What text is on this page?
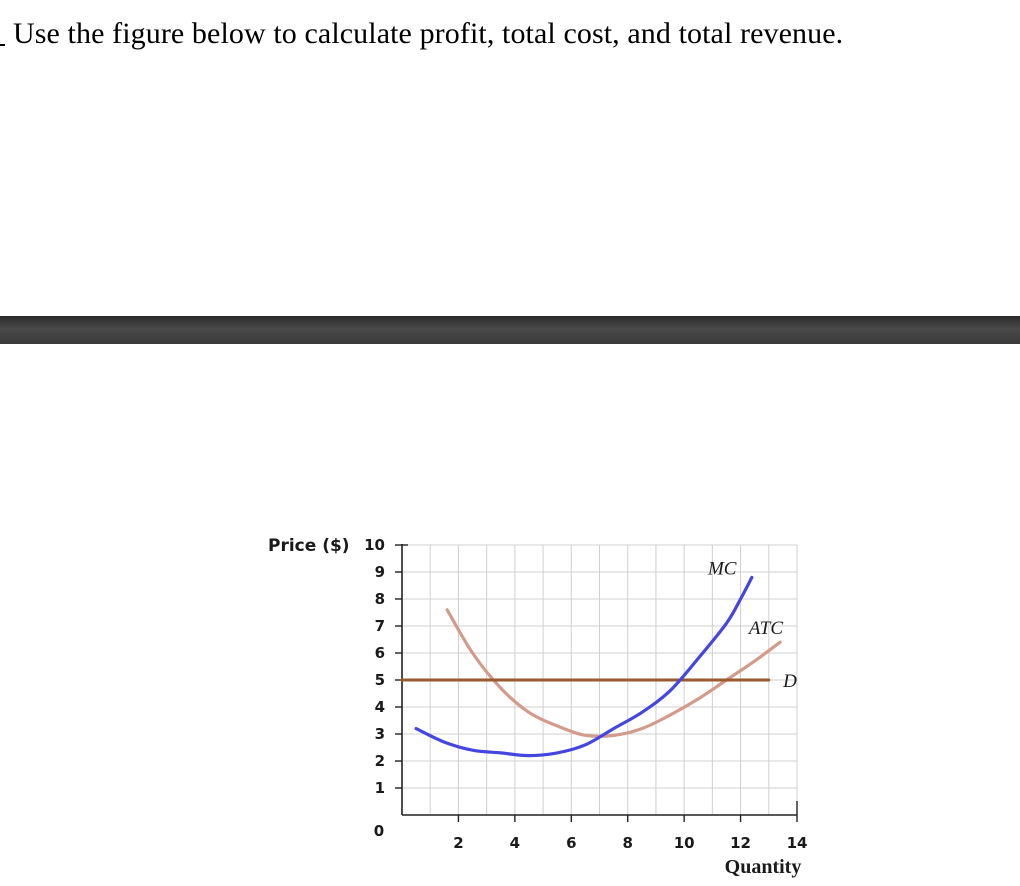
Use the figure below to calculate profit, total cost, and total revenue.
Price ($)
Quantity
0
1
2
3
4
5
6
7
8
9
10
2	4	6	8	10 12 14
ATC
D
MC
